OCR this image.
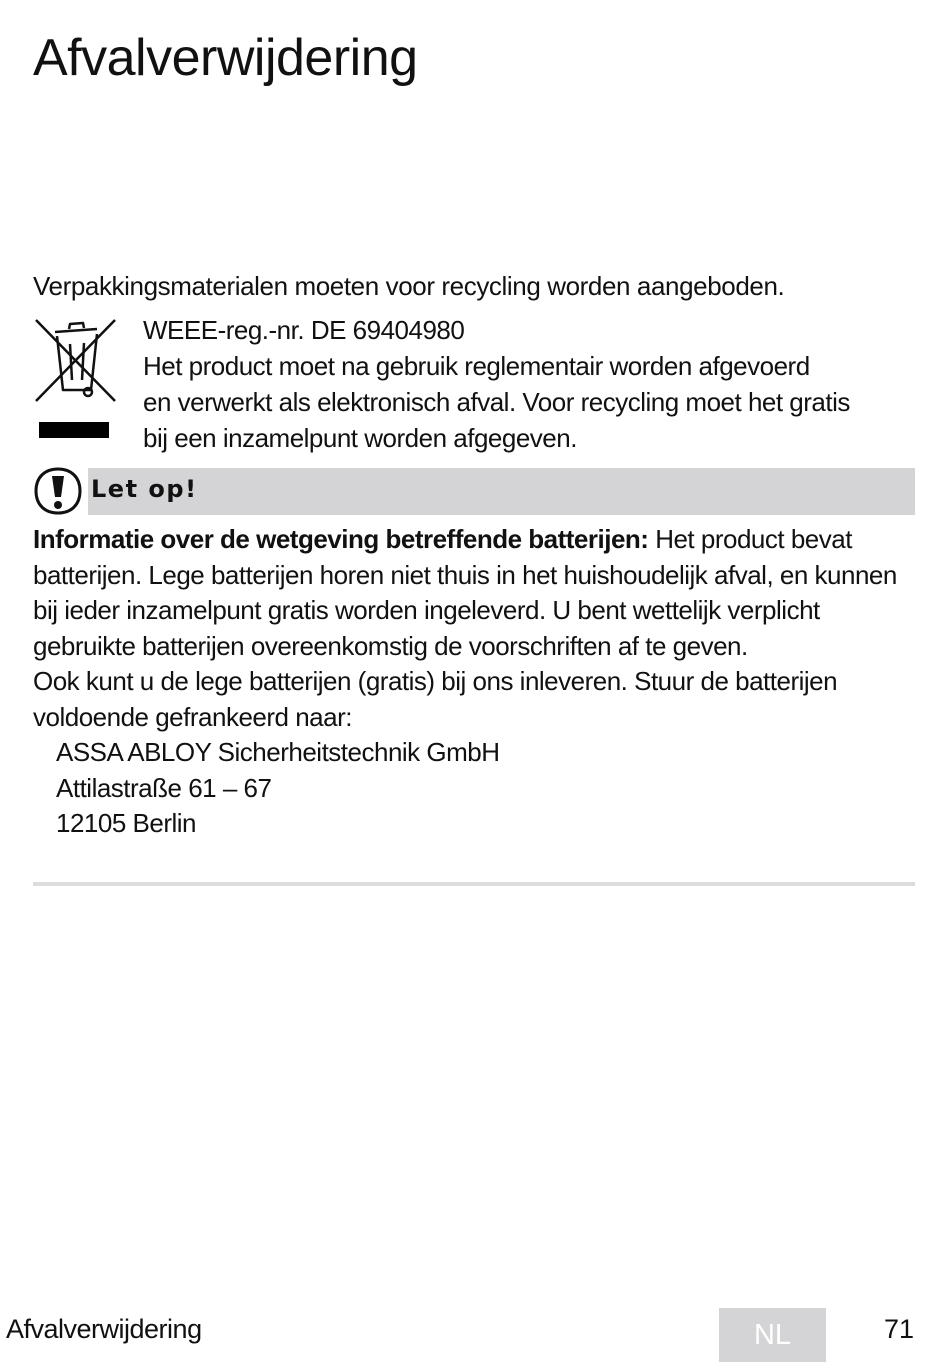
Afvalverwijdering
Verpakkingsmaterialen moeten voor recycling worden aangeboden.
WEEE-reg.-nr. DE 69404980
Het product moet na gebruik reglementair worden afgevoerd
en verwerkt als elektronisch afval. Voor recycling moet het gratis
bij een inzamelpunt worden afgegeven.
Let op!
Informatie over de wetgeving betreffende batterijen: Het product bevat batterijen. Lege batterijen horen niet thuis in het huishoudelijk afval, en kunnen bij ieder inzamelpunt gratis worden ingeleverd. U bent wettelijk verplicht gebruikte batterijen overeenkomstig de voorschriften af te geven.
Ook kunt u de lege batterijen (gratis) bij ons inleveren. Stuur de batterijen voldoende gefrankeerd naar:
ASSA ABLOY Sicherheitstechnik GmbH
Attilastraße 61 – 67
12105 Berlin
Afvalverwijdering	NL	71
